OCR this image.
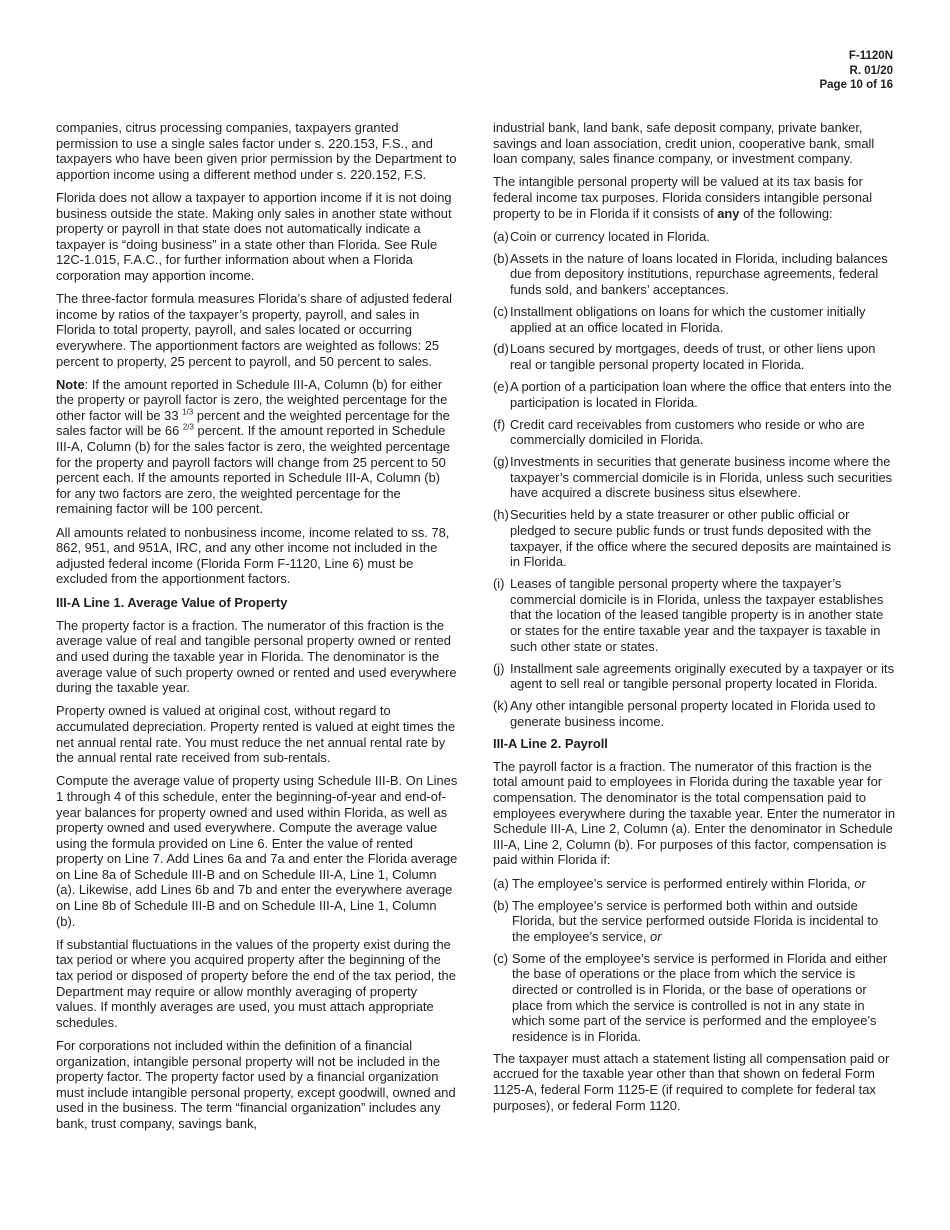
F-1120N
R. 01/20
Page 10 of 16

companies, citrus processing companies, taxpayers granted permission to use a single sales factor under s. 220.153, F.S., and taxpayers who have been given prior permission by the Department to apportion income using a different method under s. 220.152, F.S.

Florida does not allow a taxpayer to apportion income if it is not doing business outside the state. Making only sales in another state without property or payroll in that state does not automatically indicate a taxpayer is “doing business” in a state other than Florida. See Rule 12C-1.015, F.A.C., for further information about when a Florida corporation may apportion income.

The three-factor formula measures Florida’s share of adjusted federal income by ratios of the taxpayer’s property, payroll, and sales in Florida to total property, payroll, and sales located or occurring everywhere. The apportionment factors are weighted as follows: 25 percent to property, 25 percent to payroll, and 50 percent to sales.

Note: If the amount reported in Schedule III-A, Column (b) for either the property or payroll factor is zero, the weighted percentage for the other factor will be 33 $^{1/3}$ percent and the weighted percentage for the sales factor will be 66 $^{2/3}$ percent. If the amount reported in Schedule III-A, Column (b) for the sales factor is zero, the weighted percentage for the property and payroll factors will change from 25 percent to 50 percent each. If the amounts reported in Schedule III-A, Column (b) for any two factors are zero, the weighted percentage for the remaining factor will be 100 percent.

All amounts related to nonbusiness income, income related to ss. 78, 862, 951, and 951A, IRC, and any other income not included in the adjusted federal income (Florida Form F-1120, Line 6) must be excluded from the apportionment factors.

III-A Line 1. Average Value of Property

The property factor is a fraction. The numerator of this fraction is the average value of real and tangible personal property owned or rented and used during the taxable year in Florida. The denominator is the average value of such property owned or rented and used everywhere during the taxable year.

Property owned is valued at original cost, without regard to accumulated depreciation. Property rented is valued at eight times the net annual rental rate. You must reduce the net annual rental rate by the annual rental rate received from sub-rentals.

Compute the average value of property using Schedule III-B. On Lines 1 through 4 of this schedule, enter the beginning-of-year and end-of-year balances for property owned and used within Florida, as well as property owned and used everywhere. Compute the average value using the formula provided on Line 6. Enter the value of rented property on Line 7. Add Lines 6a and 7a and enter the Florida average on Line 8a of Schedule III-B and on Schedule III-A, Line 1, Column (a). Likewise, add Lines 6b and 7b and enter the everywhere average on Line 8b of Schedule III-B and on Schedule III-A, Line 1, Column (b).

If substantial fluctuations in the values of the property exist during the tax period or where you acquired property after the beginning of the tax period or disposed of property before the end of the tax period, the Department may require or allow monthly averaging of property values. If monthly averages are used, you must attach appropriate schedules.

For corporations not included within the definition of a financial organization, intangible personal property will not be included in the property factor. The property factor used by a financial organization must include intangible personal property, except goodwill, owned and used in the business. The term “financial organization” includes any bank, trust company, savings bank,

industrial bank, land bank, safe deposit company, private banker, savings and loan association, credit union, cooperative bank, small loan company, sales finance company, or investment company.

The intangible personal property will be valued at its tax basis for federal income tax purposes. Florida considers intangible personal property to be in Florida if it consists of any of the following:

(a) Coin or currency located in Florida.
(b) Assets in the nature of loans located in Florida, including balances due from depository institutions, repurchase agreements, federal funds sold, and bankers’ acceptances.
(c) Installment obligations on loans for which the customer initially applied at an office located in Florida.
(d) Loans secured by mortgages, deeds of trust, or other liens upon real or tangible personal property located in Florida.
(e) A portion of a participation loan where the office that enters into the participation is located in Florida.
(f) Credit card receivables from customers who reside or who are commercially domiciled in Florida.
(g) Investments in securities that generate business income where the taxpayer’s commercial domicile is in Florida, unless such securities have acquired a discrete business situs elsewhere.
(h) Securities held by a state treasurer or other public official or pledged to secure public funds or trust funds deposited with the taxpayer, if the office where the secured deposits are maintained is in Florida.
(i) Leases of tangible personal property where the taxpayer’s commercial domicile is in Florida, unless the taxpayer establishes that the location of the leased tangible property is in another state or states for the entire taxable year and the taxpayer is taxable in such other state or states.
(j) Installment sale agreements originally executed by a taxpayer or its agent to sell real or tangible personal property located in Florida.
(k) Any other intangible personal property located in Florida used to generate business income.
III-A Line 2. Payroll

The payroll factor is a fraction. The numerator of this fraction is the total amount paid to employees in Florida during the taxable year for compensation. The denominator is the total compensation paid to employees everywhere during the taxable year. Enter the numerator in Schedule III-A, Line 2, Column (a). Enter the denominator in Schedule III-A, Line 2, Column (b). For purposes of this factor, compensation is paid within Florida if:

(a) The employee’s service is performed entirely within Florida, or
(b) The employee’s service is performed both within and outside Florida, but the service performed outside Florida is incidental to the employee’s service, or
(c) Some of the employee’s service is performed in Florida and either the base of operations or the place from which the service is directed or controlled is in Florida, or the base of operations or place from which the service is controlled is not in any state in which some part of the service is performed and the employee’s residence is in Florida.

The taxpayer must attach a statement listing all compensation paid or accrued for the taxable year other than that shown on federal Form 1125-A, federal Form 1125-E (if required to complete for federal tax purposes), or federal Form 1120.
